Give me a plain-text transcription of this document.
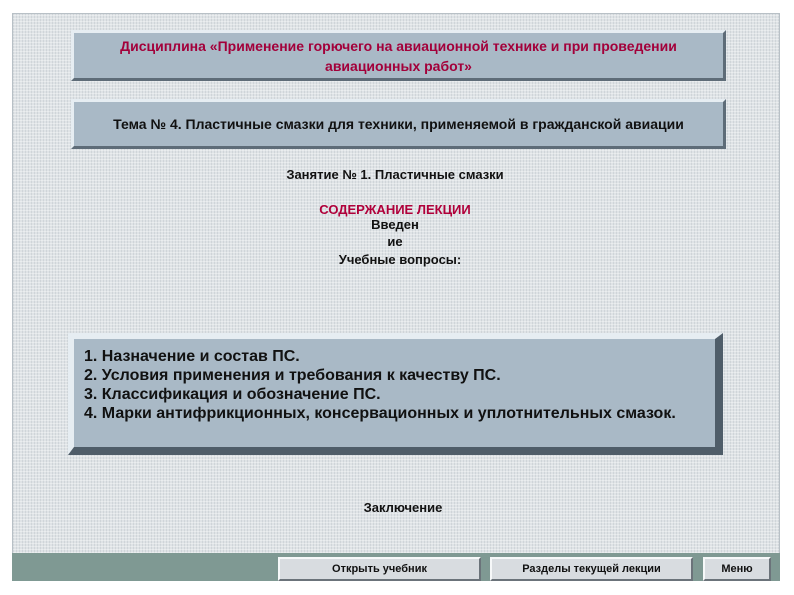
Дисциплина «Применение горючего на авиационной технике и при проведении авиационных работ»
Тема № 4. Пластичные смазки для техники, применяемой в гражданской авиации
Занятие № 1. Пластичные смазки
СОДЕРЖАНИЕ ЛЕКЦИИ
Введен
ие
Учебные вопросы:
1. Назначение и состав ПС.
2. Условия применения и требования к качеству ПС.
3. Классификация и обозначение ПС.
4. Марки антифрикционных, консервационных и уплотнительных смазок.
Заключение
Открыть учебник	Разделы текущей лекции	Меню
